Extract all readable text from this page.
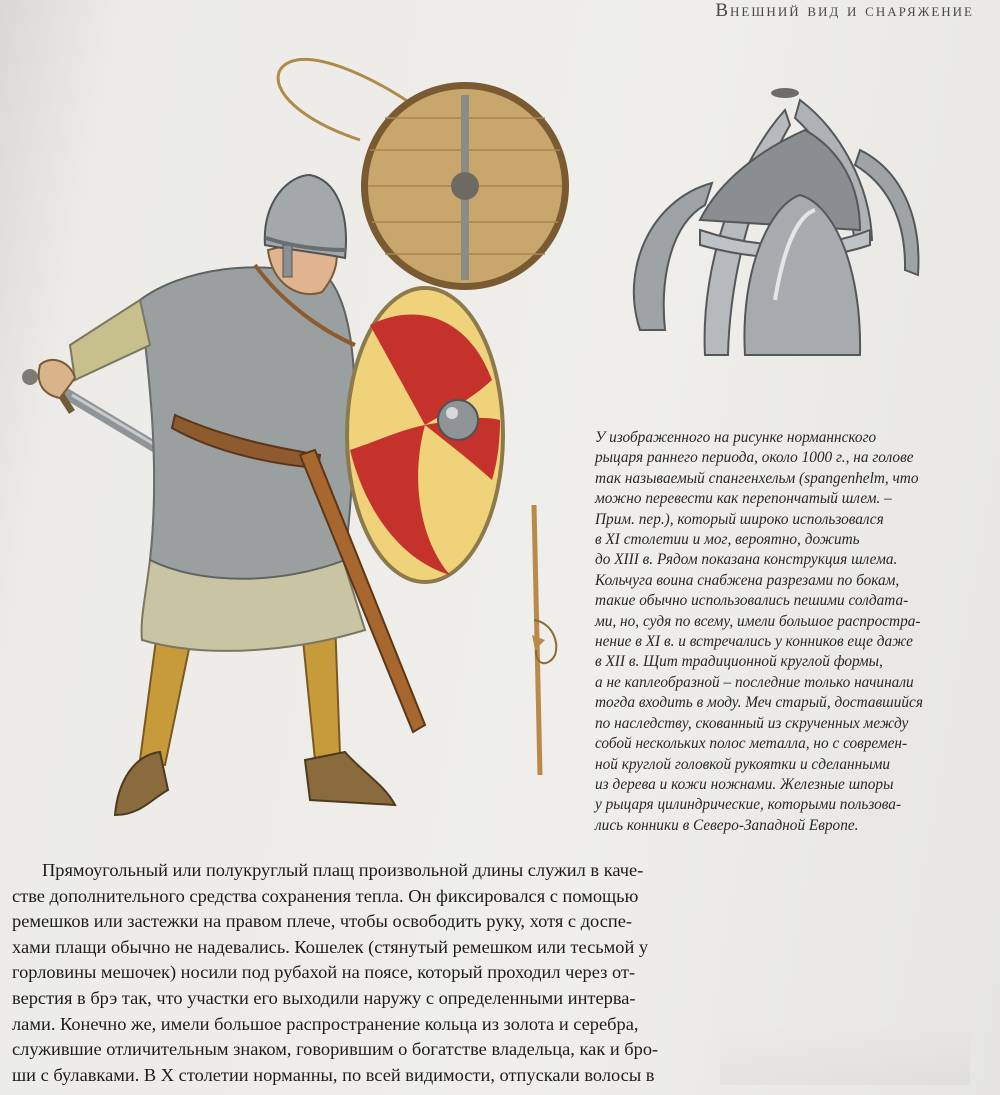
Внешний вид и снаряжение

У изображенного на рисунке норманнского
рыцаря раннего периода, около 1000 г., на голове
так называемый спангенхельм (spangenhelm, что
можно перевести как перепончатый шлем. –
Прим. пер.), который широко использовался
в XI столетии и мог, вероятно, дожить
до XIII в. Рядом показана конструкция шлема.
Кольчуга воина снабжена разрезами по бокам,
такие обычно использовались пешими солдата-
ми, но, судя по всему, имели большое распростра-
нение в XI в. и встречались у конников еще даже
в XII в. Щит традиционной круглой формы,
а не каплеобразной – последние только начинали
тогда входить в моду. Меч старый, доставшийся
по наследству, скованный из скрученных между
собой нескольких полос металла, но с современ-
ной круглой головкой рукоятки и сделанными
из дерева и кожи ножнами. Железные шпоры
у рыцаря цилиндрические, которыми пользова-
лись конники в Северо-Западной Европе.

Прямоугольный или полукруглый плащ произвольной длины служил в каче-
стве дополнительного средства сохранения тепла. Он фиксировался с помощью
ремешков или застежки на правом плече, чтобы освободить руку, хотя с доспе-
хами плащи обычно не надевались. Кошелек (стянутый ремешком или тесьмой у
горловины мешочек) носили под рубахой на поясе, который проходил через от-
верстия в брэ так, что участки его выходили наружу с определенными интерва-
лами. Конечно же, имели большое распространение кольца из золота и серебра,
служившие отличительным знаком, говорившим о богатстве владельца, как и бро-
ши с булавками. В X столетии норманны, по всей видимости, отпускали волосы в
